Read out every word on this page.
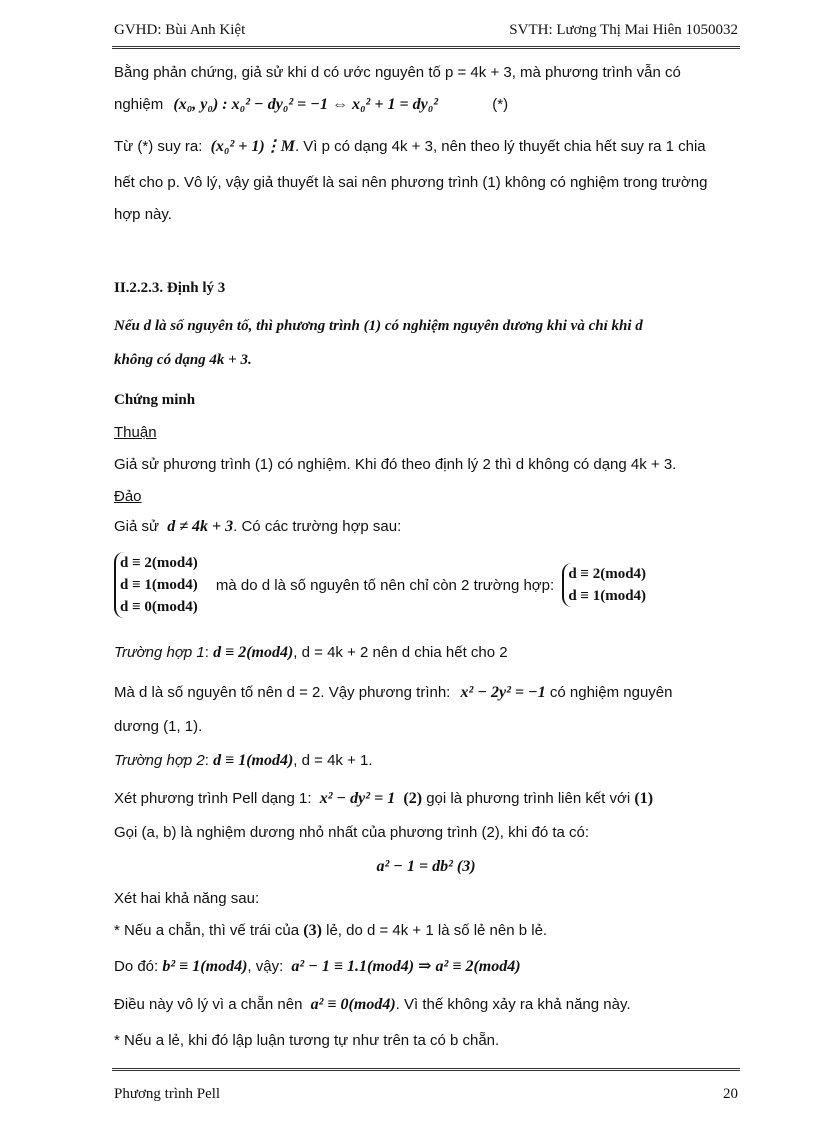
GVHD: Bùi Anh Kiệt	SVTH: Lương Thị Mai Hiên 1050032
Bằng phản chứng, giả sử khi d có ước nguyên tố p = 4k + 3, mà phương trình vẫn có
nghiệm (x₀, y₀) : x₀² − dy₀² = −1 ⇔ x₀² + 1 = dy₀²	(*)
Từ (*) suy ra: (x₀² + 1)⋮M. Vì p có dạng 4k + 3, nên theo lý thuyết chia hết suy ra 1 chia
hết cho p. Vô lý, vậy giả thuyết là sai nên phương trình (1) không có nghiệm trong trường
hợp này.
II.2.2.3. Định lý 3
Nếu d là số nguyên tố, thì phương trình (1) có nghiệm nguyên dương khi và chỉ khi d
không có dạng 4k + 3.
Chứng minh
Thuận
Giả sử phương trình (1) có nghiệm. Khi đó theo định lý 2 thì d không có dạng 4k + 3.
Đảo
Giả sử d ≠ 4k + 3. Có các trường hợp sau:
d ≡ 2(mod4)
d ≡ 1(mod4)
d ≡ 0(mod4)
mà do d là số nguyên tố nên chỉ còn 2 trường hợp:
d ≡ 2(mod4)
d ≡ 1(mod4)
Trường hợp 1: d ≡ 2(mod4), d = 4k + 2 nên d chia hết cho 2
Mà d là số nguyên tố nên d = 2. Vậy phương trình: x² − 2y² = −1 có nghiệm nguyên
dương (1, 1).
Trường hợp 2: d ≡ 1(mod4), d = 4k + 1.
Xét phương trình Pell dạng 1: x² − dy² = 1 (2) gọi là phương trình liên kết với (1)
Gọi (a, b) là nghiệm dương nhỏ nhất của phương trình (2), khi đó ta có:
a² − 1 = db² (3)
Xét hai khả năng sau:
* Nếu a chẵn, thì vế trái của (3) lẻ, do d = 4k + 1 là số lẻ nên b lẻ.
Do đó: b² ≡ 1(mod4), vậy: a² − 1 ≡ 1.1(mod4) ⇒ a² ≡ 2(mod4)
Điều này vô lý vì a chẵn nên a² ≡ 0(mod4). Vì thế không xảy ra khả năng này.
* Nếu a lẻ, khi đó lập luận tương tự như trên ta có b chẵn.
Phương trình Pell	20
